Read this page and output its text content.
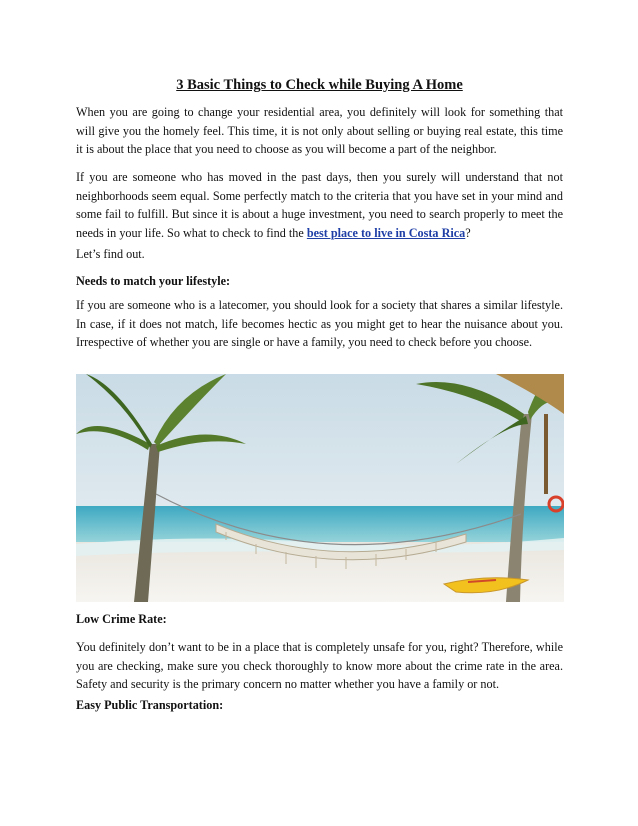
3 Basic Things to Check while Buying A Home

When you are going to change your residential area, you definitely will look for something that will give you the homely feel. This time, it is not only about selling or buying real estate, this time it is about the place that you need to choose as you will become a part of the neighbor.

If you are someone who has moved in the past days, then you surely will understand that not neighborhoods seem equal. Some perfectly match to the criteria that you have set in your mind and some fail to fulfill. But since it is about a huge investment, you need to search properly to meet the needs in your life. So what to check to find the best place to live in Costa Rica?

Let’s find out.

Needs to match your lifestyle:

If you are someone who is a latecomer, you should look for a society that shares a similar lifestyle. In case, if it does not match, life becomes hectic as you might get to hear the nuisance about you. Irrespective of whether you are single or have a family, you need to check before you choose.

Low Crime Rate:

You definitely don’t want to be in a place that is completely unsafe for you, right? Therefore, while you are checking, make sure you check thoroughly to know more about the crime rate in the area. Safety and security is the primary concern no matter whether you have a family or not.

Easy Public Transportation:
